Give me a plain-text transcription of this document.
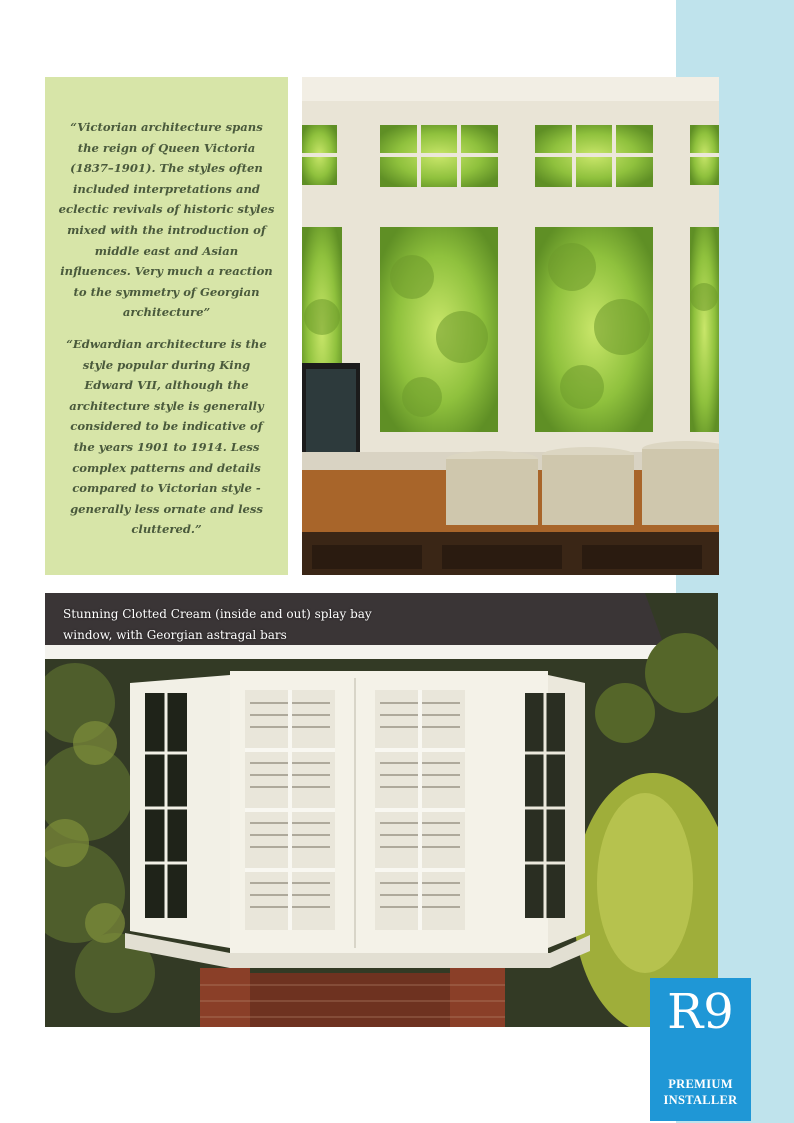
“Victorian architecture spans the reign of Queen Victoria (1837–1901). The styles often included interpretations and eclectic revivals of historic styles mixed with the introduction of middle east and Asian influences. Very much a reaction to the symmetry of Georgian architecture”

“Edwardian architecture is the style popular during King Edward VII, although the architecture style is generally considered to be indicative of the years 1901 to 1914. Less complex patterns and details compared to Victorian style - generally less ornate and less cluttered.”

Stunning Clotted Cream (inside and out) splay bay window, with Georgian astragal bars

R9
PREMIUM
INSTALLER
